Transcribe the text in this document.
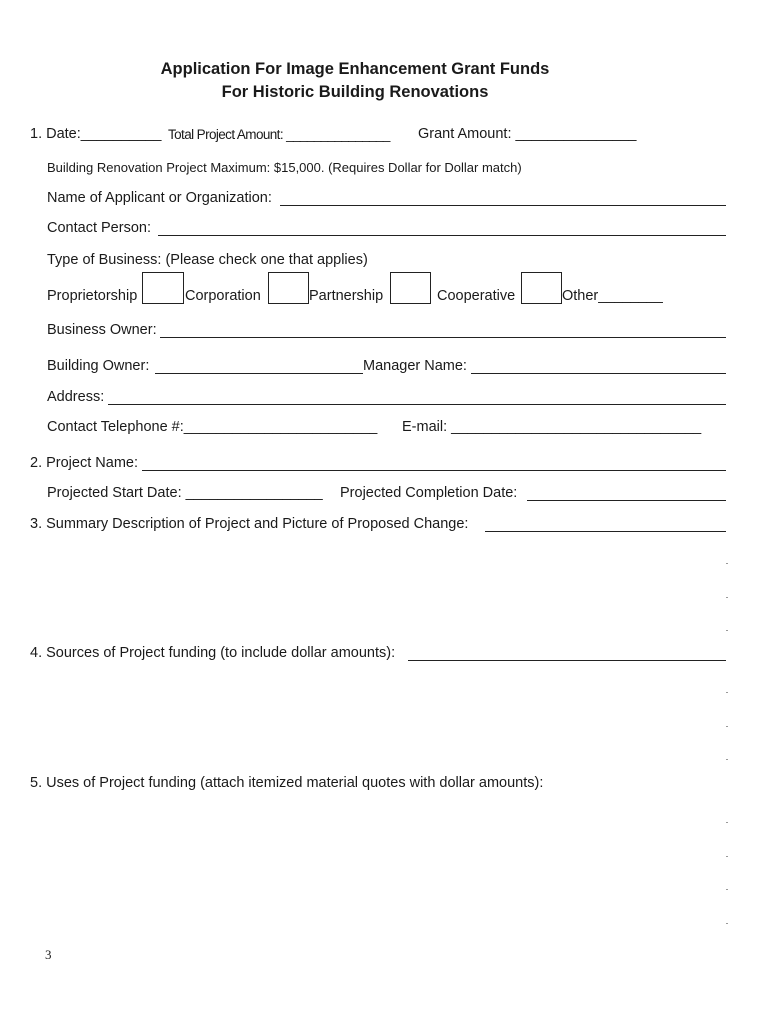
Application For Image Enhancement Grant Funds
For Historic Building Renovations
1. Date:__________ Total Project Amount: _______________ Grant Amount: _______________
Building Renovation Project Maximum: $15,000. (Requires Dollar for Dollar match)
Name of Applicant or Organization:
Contact Person:
Type of Business: (Please check one that applies)
Proprietorship	Corporation	Partnership	Cooperative	Other________
Business Owner:
Building Owner:	Manager Name:
Address:
Contact Telephone #:________________________ E-mail: _______________________________
2. Project Name:
Projected Start Date: _________________ Projected Completion Date:
3. Summary Description of Project and Picture of Proposed Change:
4. Sources of Project funding (to include dollar amounts):
5. Uses of Project funding (attach itemized material quotes with dollar amounts):
3
